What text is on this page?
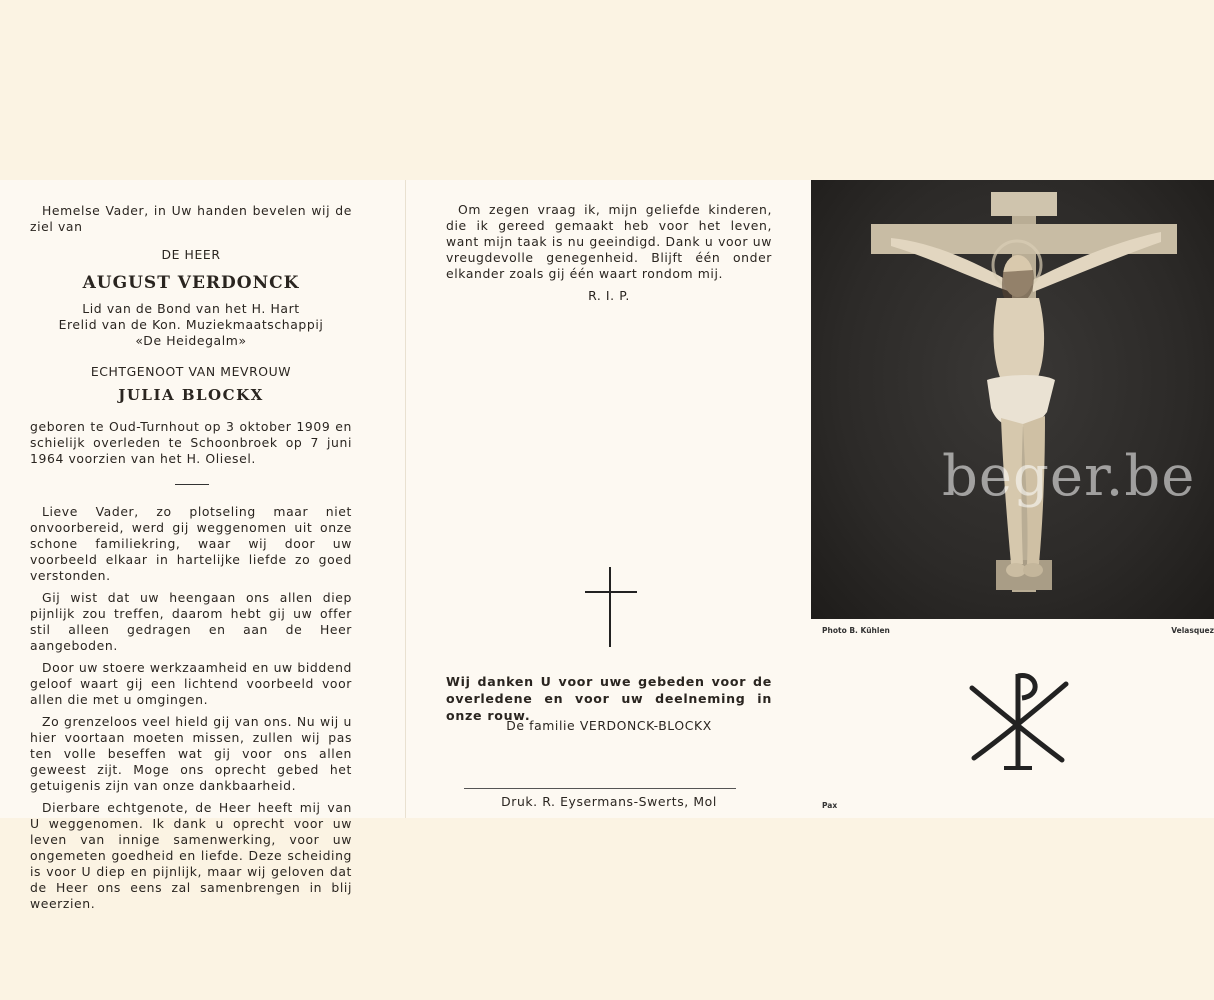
Hemelse Vader, in Uw handen bevelen wij de ziel van
DE HEER
AUGUST VERDONCK
Lid van de Bond van het H. Hart
Erelid van de Kon. Muziekmaatschappij
«De Heidegalm»
ECHTGENOOT VAN MEVROUW
JULIA BLOCKX
geboren te Oud-Turnhout op 3 oktober 1909 en schielijk overleden te Schoonbroek op 7 juni 1964 voorzien van het H. Oliesel.

Lieve Vader, zo plotseling maar niet onvoorbereid, werd gij weggenomen uit onze schone familiekring, waar wij door uw voorbeeld elkaar in hartelijke liefde zo goed verstonden.

Gij wist dat uw heengaan ons allen diep pijnlijk zou treffen, daarom hebt gij uw offer stil alleen gedragen en aan de Heer aangeboden.

Door uw stoere werkzaamheid en uw biddend geloof waart gij een lichtend voorbeeld voor allen die met u omgingen.

Zo grenzeloos veel hield gij van ons. Nu wij u hier voortaan moeten missen, zullen wij pas ten volle beseffen wat gij voor ons allen geweest zijt. Moge ons oprecht gebed het getuigenis zijn van onze dankbaarheid.

Dierbare echtgenote, de Heer heeft mij van U weggenomen. Ik dank u oprecht voor uw leven van innige samenwerking, voor uw ongemeten goedheid en liefde. Deze scheiding is voor U diep en pijnlijk, maar wij geloven dat de Heer ons eens zal samenbrengen in blij weerzien.

Om zegen vraag ik, mijn geliefde kinderen, die ik gereed gemaakt heb voor het leven, want mijn taak is nu geeindigd. Dank u voor uw vreugdevolle genegenheid. Blijft één onder elkander zoals gij één waart rondom mij.
R. I. P.
Wij danken U voor uwe gebeden voor de overledene en voor uw deelneming in onze rouw.
De familie VERDONCK-BLOCKX
Druk. R. Eysermans-Swerts, Mol
beger.be
Photo B. Kühlen	Velasquez
Pax
